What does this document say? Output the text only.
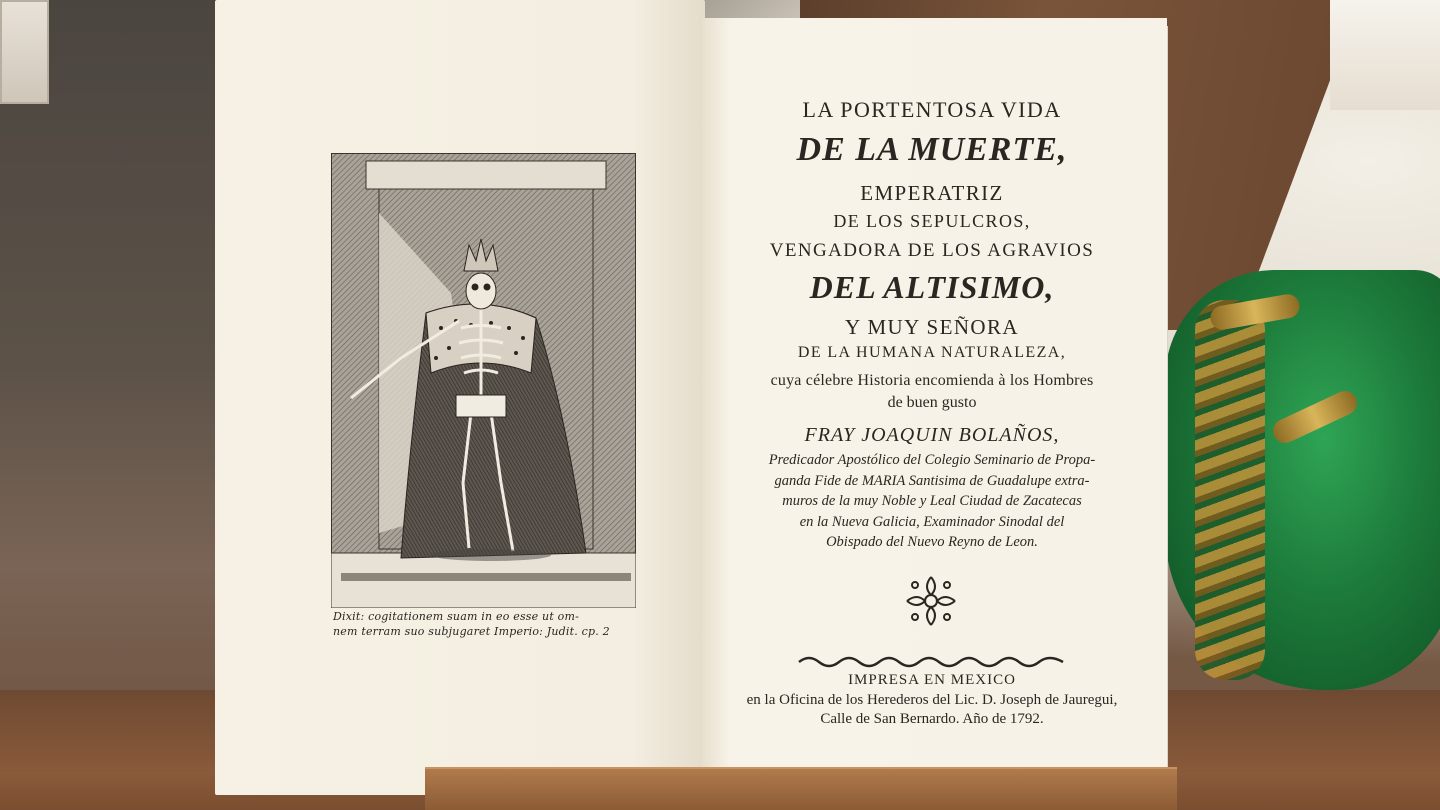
Dixit: cogitationem suam in eo esse ut om-
nem terram suo subjugaret Imperio: Judit. cp. 2
LA PORTENTOSA VIDA
DE LA MUERTE,
EMPERATRIZ
DE LOS SEPULCROS,
VENGADORA DE LOS AGRAVIOS
DEL ALTISIMO,
Y MUY SEÑORA
DE LA HUMANA NATURALEZA,
cuya célebre Historia encomienda à los Hombres
de buen gusto
FRAY JOAQUIN BOLAÑOS,
Predicador Apostólico del Colegio Seminario de Propa-
ganda Fide de MARIA Santisima de Guadalupe extra-
muros de la muy Noble y Leal Ciudad de Zacatecas
en la Nueva Galicia, Examinador Sinodal del
Obispado del Nuevo Reyno de Leon.
IMPRESA EN MEXICO
en la Oficina de los Herederos del Lic. D. Joseph de Jauregui,
Calle de San Bernardo. Año de 1792.
